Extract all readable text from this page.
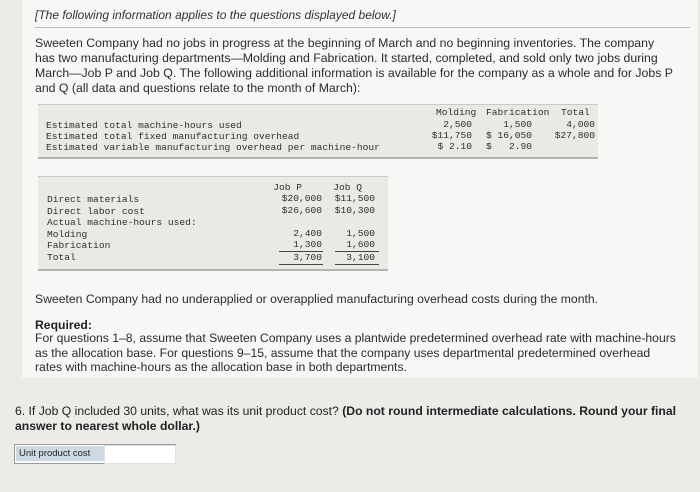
[The following information applies to the questions displayed below.]
Sweeten Company had no jobs in progress at the beginning of March and no beginning inventories. The company has two manufacturing departments—Molding and Fabrication. It started, completed, and sold only two jobs during March—Job P and Job Q. The following additional information is available for the company as a whole and for Jobs P and Q (all data and questions relate to the month of March):
Molding Fabrication Total
Estimated total machine-hours used	2,500	1,500	4,000
Estimated total fixed manufacturing overhead	$11,750 $ 16,050 $27,800
Estimated variable manufacturing overhead per machine-hour	$ 2.10 $   2.90
Job P	Job Q
Direct materials	$20,000 $11,500
Direct labor cost	$26,600 $10,300
Actual machine-hours used:
Molding	2,400	1,500
Fabrication	1,300	1,600
Total	3,700	3,100
Sweeten Company had no underapplied or overapplied manufacturing overhead costs during the month.
Required:
For questions 1–8, assume that Sweeten Company uses a plantwide predetermined overhead rate with machine-hours as the allocation base. For questions 9–15, assume that the company uses departmental predetermined overhead rates with machine-hours as the allocation base in both departments.
6. If Job Q included 30 units, what was its unit product cost? (Do not round intermediate calculations. Round your final answer to nearest whole dollar.)
Unit product cost
